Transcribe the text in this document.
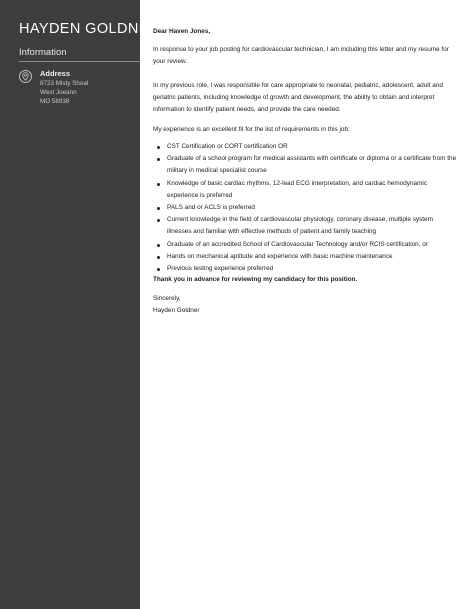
HAYDEN GOLDNER
Information
Address
8723 Misty Shoal
West Joeann
MO 58938
Dear Haven Jones,

In response to your job posting for cardiovascular technician, I am including this letter and my resume for your review.

In my previous role, I was responsible for care appropriate to neonatal, pediatric, adolescent, adult and geriatric patients, including knowledge of growth and development, the ability to obtain and interpret information to identify patient needs, and provide the care needed.

My experience is an excellent fit for the list of requirements in this job:

CST Certification or CORT certification OR
Graduate of a school program for medical assistants with certificate or diploma or a certificate from the military in medical specialist course
Knowledge of basic cardiac rhythms, 12-lead ECG interpretation, and cardiac hemodynamic experience is preferred
PALS and or ACLS is preferred
Current knowledge in the field of cardiovascular physiology, coronary disease, multiple system illnesses and familiar with effective methods of patient and family teaching
Graduate of an accredited School of Cardiovascular Technology and/or RCIS certification, or
Hands on mechanical aptitude and experience with basic machine maintenance
Previous testing experience preferred
Thank you in advance for reviewing my candidacy for this position.
Sincerely,
Hayden Goldner
